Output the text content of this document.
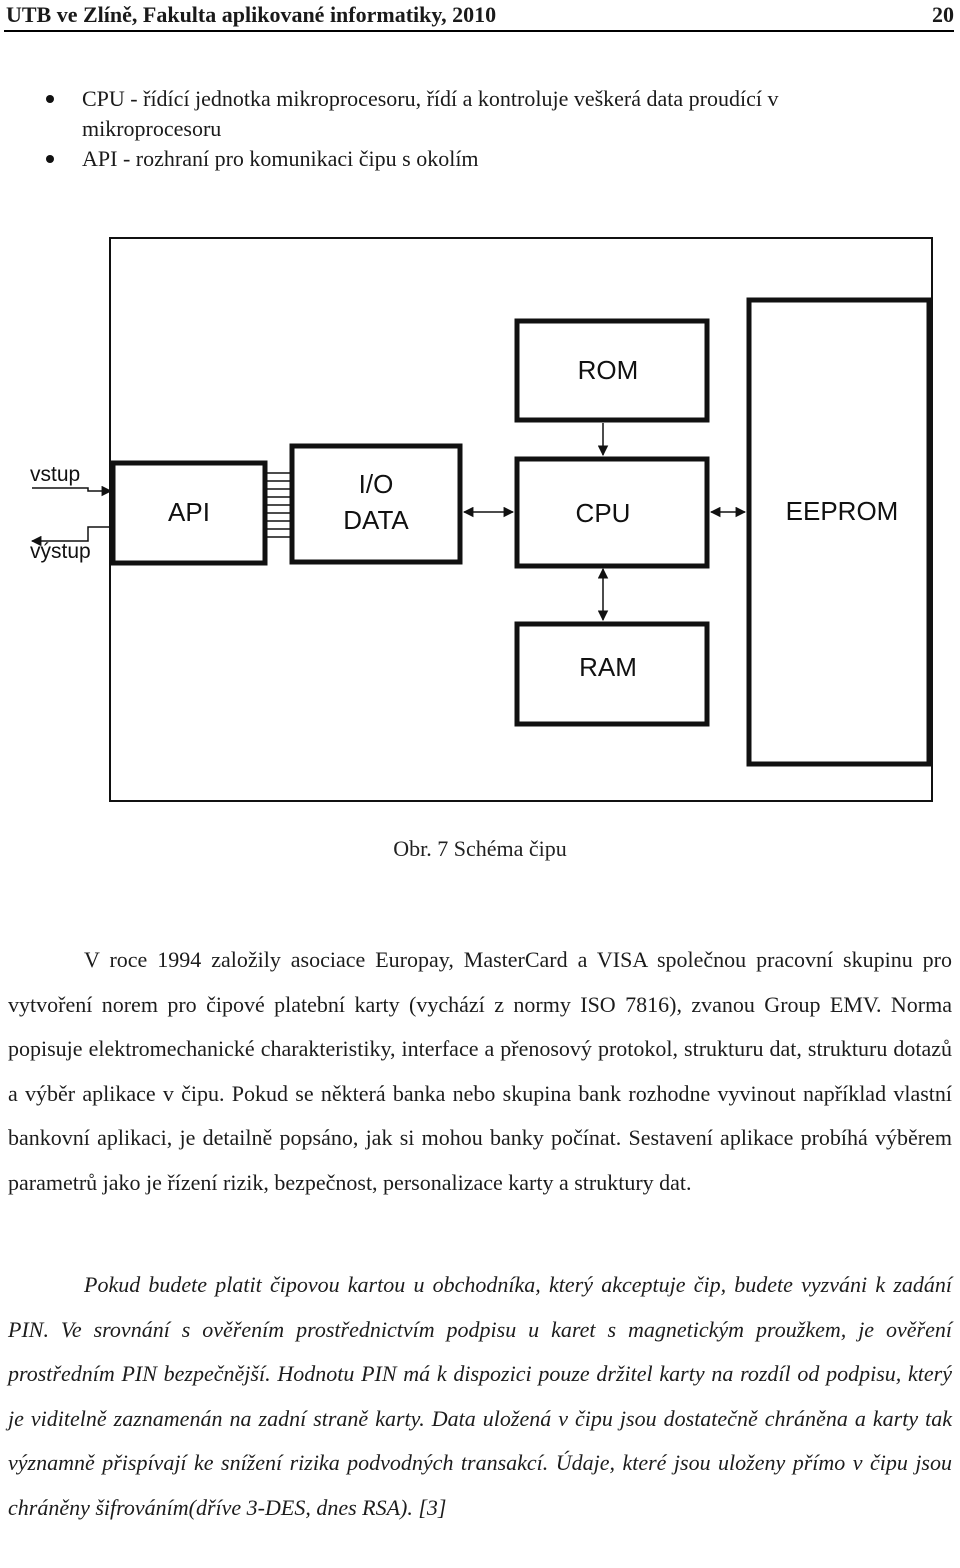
UTB ve Zlíně, Fakulta aplikované informatiky, 2010	20
CPU - řídící jednotka mikroprocesoru, řídí a kontroluje veškerá data proudící v mikroprocesoru
API - rozhraní pro komunikaci čipu s okolím
API
I/O
DATA
ROM
CPU
RAM
EEPROM
vstup
výstup
Obr. 7 Schéma čipu
V roce 1994 založily asociace Europay, MasterCard a VISA společnou pracovní skupinu pro vytvoření norem pro čipové platební karty (vychází z normy ISO 7816), zvanou Group EMV. Norma popisuje elektromechanické charakteristiky, interface a přenosový protokol, strukturu dat, strukturu dotazů a výběr aplikace v čipu. Pokud se některá banka nebo skupina bank rozhodne vyvinout například vlastní bankovní aplikaci, je detailně popsáno, jak si mohou banky počínat. Sestavení aplikace probíhá výběrem parametrů jako je řízení rizik, bezpečnost, personalizace karty a struktury dat.
Pokud budete platit čipovou kartou u obchodníka, který akceptuje čip, budete vyzváni k zadání PIN. Ve srovnání s ověřením prostřednictvím podpisu u karet s magnetickým proužkem, je ověření prostředním PIN bezpečnější. Hodnotu PIN má k dispozici pouze držitel karty na rozdíl od podpisu, který je viditelně zaznamenán na zadní straně karty. Data uložená v čipu jsou dostatečně chráněna a karty tak významně přispívají ke snížení rizika podvodných transakcí. Údaje, které jsou uloženy přímo v čipu jsou chráněny šifrováním(dříve 3-DES, dnes RSA). [3]
